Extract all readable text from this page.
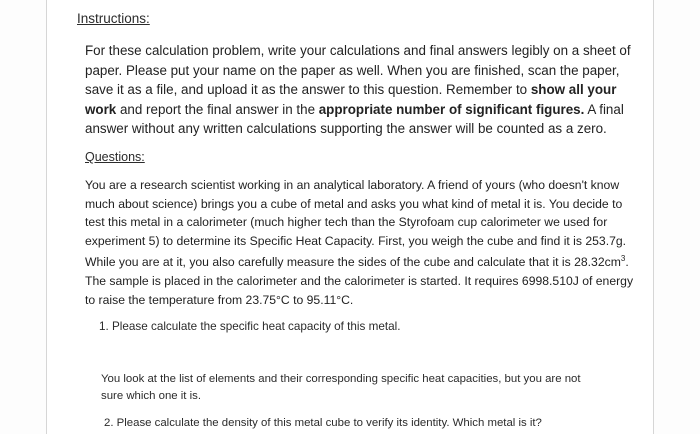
Instructions:
For these calculation problem, write your calculations and final answers legibly on a sheet of paper. Please put your name on the paper as well. When you are finished, scan the paper, save it as a file, and upload it as the answer to this question. Remember to show all your work and report the final answer in the appropriate number of significant figures. A final answer without any written calculations supporting the answer will be counted as a zero.
Questions:
You are a research scientist working in an analytical laboratory. A friend of yours (who doesn't know much about science) brings you a cube of metal and asks you what kind of metal it is. You decide to test this metal in a calorimeter (much higher tech than the Styrofoam cup calorimeter we used for experiment 5) to determine its Specific Heat Capacity. First, you weigh the cube and find it is 253.7g. While you are at it, you also carefully measure the sides of the cube and calculate that it is $28.32cm^3$. The sample is placed in the calorimeter and the calorimeter is started. It requires 6998.510J of energy to raise the temperature from 23.75°C to 95.11°C.
1. Please calculate the specific heat capacity of this metal.
You look at the list of elements and their corresponding specific heat capacities, but you are not sure which one it is.
2. Please calculate the density of this metal cube to verify its identity. Which metal is it?
